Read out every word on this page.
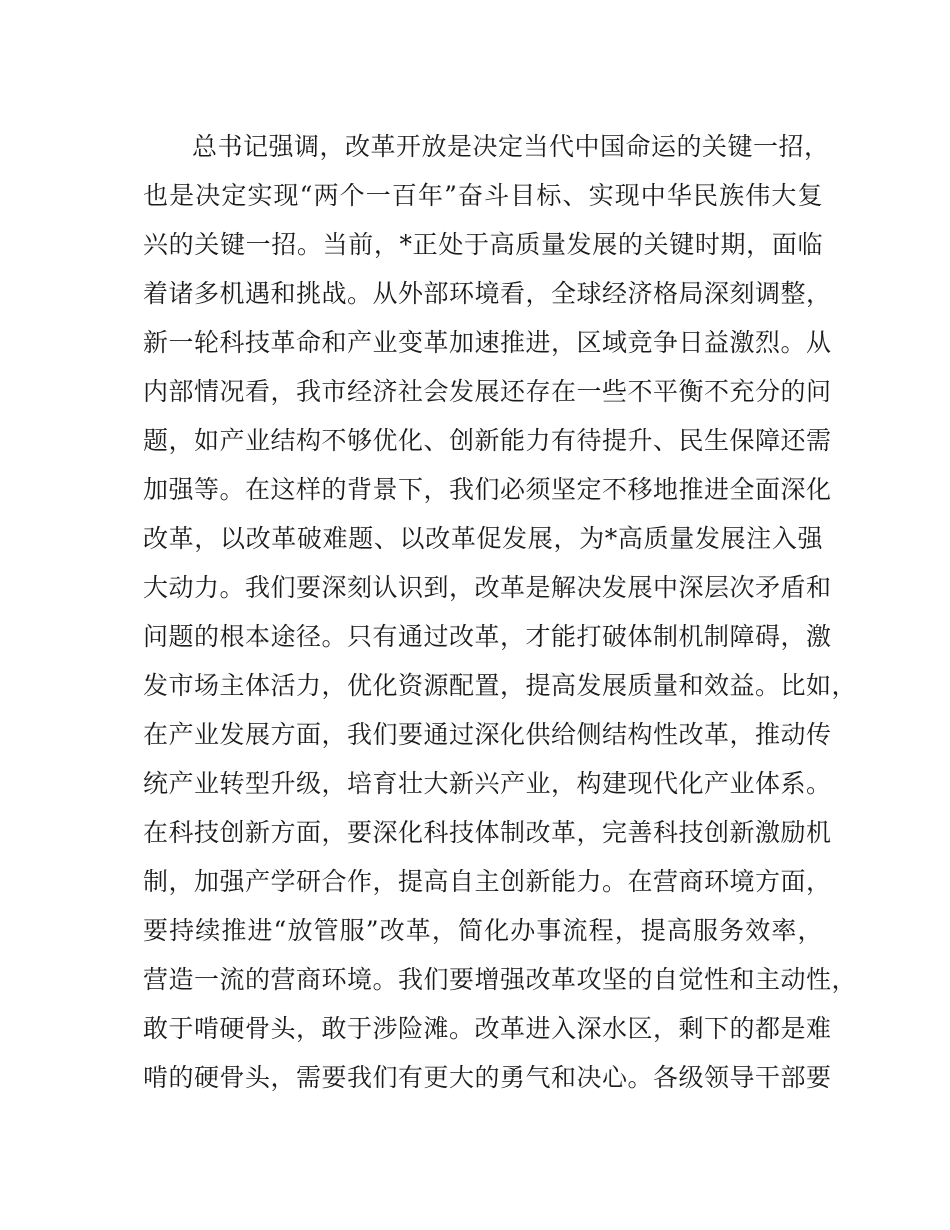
总书记强调，改革开放是决定当代中国命运的关键一招，
也是决定实现“两个一百年”奋斗目标、实现中华民族伟大复
兴的关键一招。当前，*正处于高质量发展的关键时期，面临
着诸多机遇和挑战。从外部环境看，全球经济格局深刻调整，
新一轮科技革命和产业变革加速推进，区域竞争日益激烈。从
内部情况看，我市经济社会发展还存在一些不平衡不充分的问
题，如产业结构不够优化、创新能力有待提升、民生保障还需
加强等。在这样的背景下，我们必须坚定不移地推进全面深化
改革，以改革破难题、以改革促发展，为*高质量发展注入强
大动力。我们要深刻认识到，改革是解决发展中深层次矛盾和
问题的根本途径。只有通过改革，才能打破体制机制障碍，激
发市场主体活力，优化资源配置，提高发展质量和效益。比如，
在产业发展方面，我们要通过深化供给侧结构性改革，推动传
统产业转型升级，培育壮大新兴产业，构建现代化产业体系。
在科技创新方面，要深化科技体制改革，完善科技创新激励机
制，加强产学研合作，提高自主创新能力。在营商环境方面，
要持续推进“放管服”改革，简化办事流程，提高服务效率，
营造一流的营商环境。我们要增强改革攻坚的自觉性和主动性，
敢于啃硬骨头，敢于涉险滩。改革进入深水区，剩下的都是难
啃的硬骨头，需要我们有更大的勇气和决心。各级领导干部要
